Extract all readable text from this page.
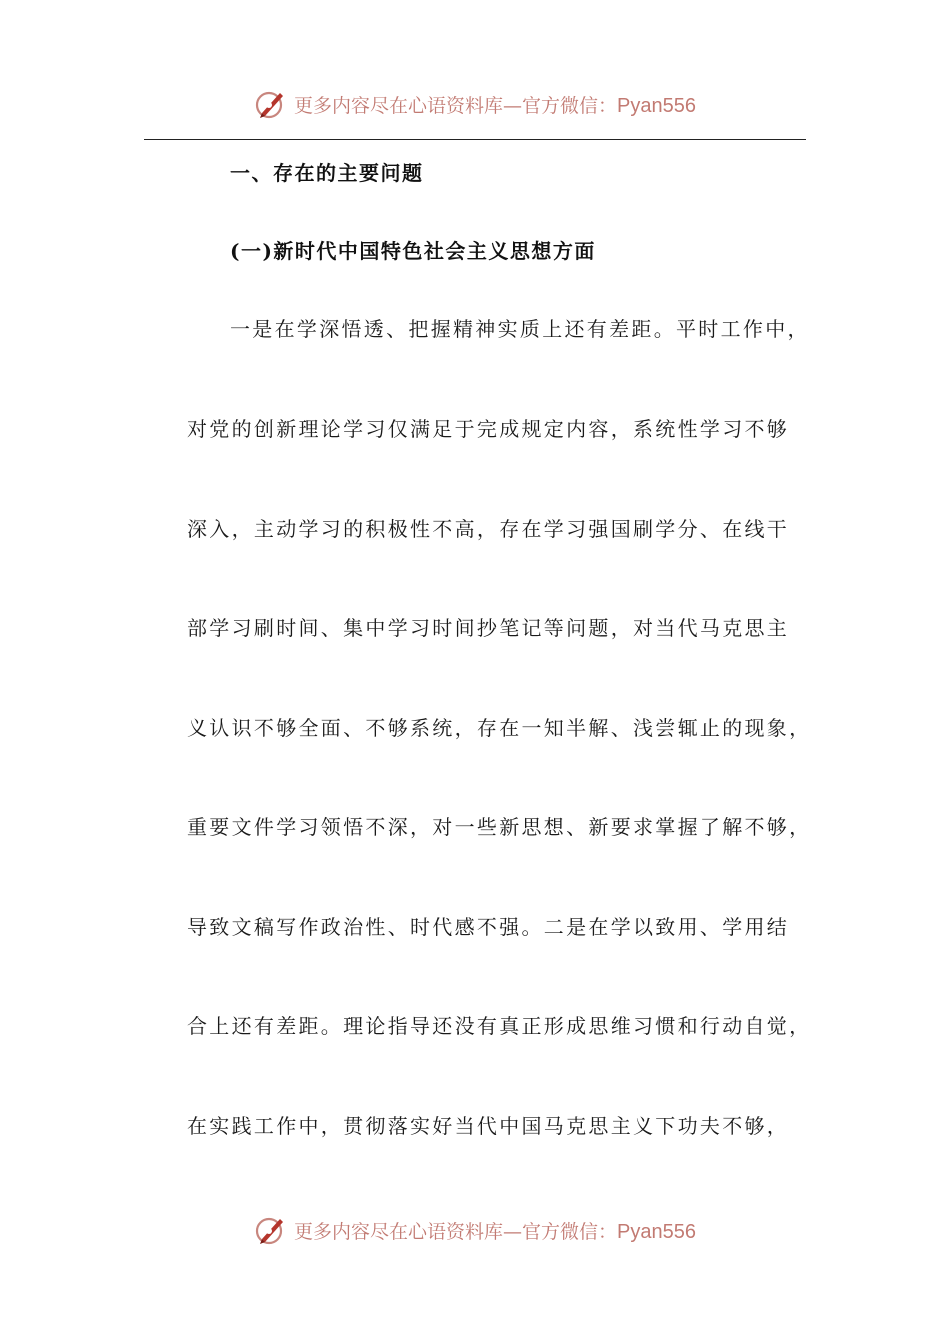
更多内容尽在心语资料库—官方微信：Pyan556
一、存在的主要问题
(一)新时代中国特色社会主义思想方面
一是在学深悟透、把握精神实质上还有差距。平时工作中，
对党的创新理论学习仅满足于完成规定内容，系统性学习不够
深入，主动学习的积极性不高，存在学习强国刷学分、在线干
部学习刷时间、集中学习时间抄笔记等问题，对当代马克思主
义认识不够全面、不够系统，存在一知半解、浅尝辄止的现象，
重要文件学习领悟不深，对一些新思想、新要求掌握了解不够，
导致文稿写作政治性、时代感不强。二是在学以致用、学用结
合上还有差距。理论指导还没有真正形成思维习惯和行动自觉，
在实践工作中，贯彻落实好当代中国马克思主义下功夫不够，
更多内容尽在心语资料库—官方微信：Pyan556
